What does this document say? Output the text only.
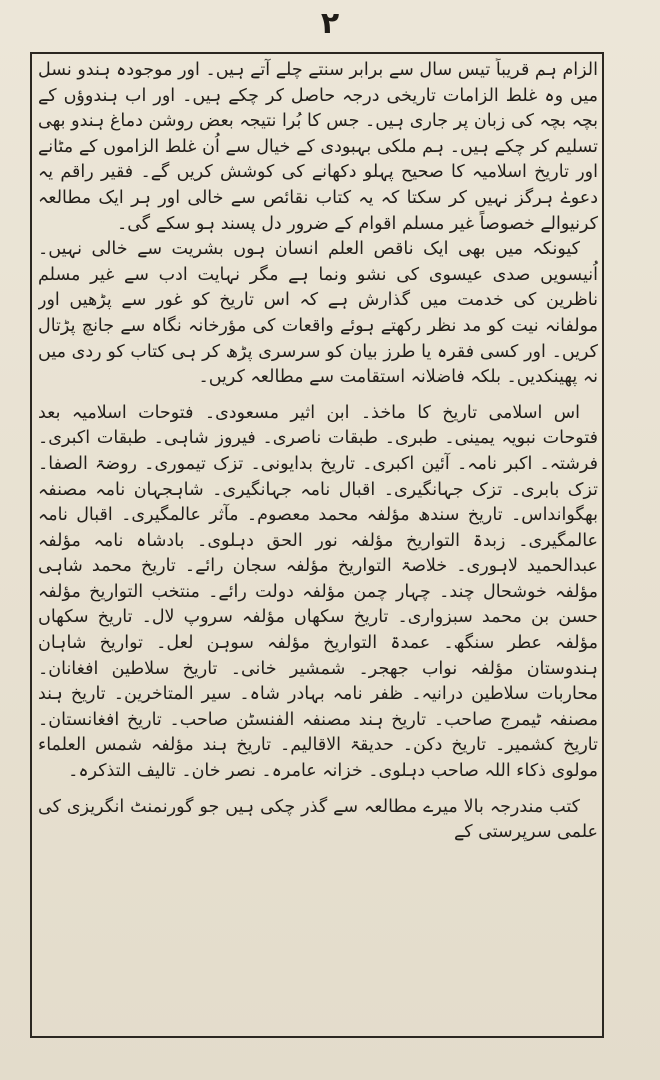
۲

الزام ہم قریباً تیس سال سے برابر سنتے چلے آتے ہیں۔ اور موجودہ ہندو نسل میں وہ غلط الزامات تاریخی درجہ حاصل کر چکے ہیں۔ اور اب ہندوؤں کے بچہ بچہ کی زبان پر جاری ہیں۔ جس کا بُرا نتیجہ بعض روشن دماغ ہندو بھی تسلیم کر چکے ہیں۔ ہم ملکی بہبودی کے خیال سے اُن غلط الزاموں کے مٹانے اور تاریخ اسلامیہ کا صحیح پہلو دکھانے کی کوشش کریں گے۔ فقیر راقم یہ دعوےٰ ہرگز نہیں کر سکتا کہ یہ کتاب نقائص سے خالی اور ہر ایک مطالعہ کرنیوالے خصوصاً غیر مسلم اقوام کے ضرور دل پسند ہو سکے گی۔

کیونکہ میں بھی ایک ناقص العلم انسان ہوں بشریت سے خالی نہیں۔ اُنیسویں صدی عیسوی کی نشو ونما ہے مگر نہایت ادب سے غیر مسلم ناظرین کی خدمت میں گذارش ہے کہ اس تاریخ کو غور سے پڑھیں اور مولفانہ نیت کو مد نظر رکھتے ہوئے واقعات کی مؤرخانہ نگاہ سے جانچ پڑتال کریں۔ اور کسی فقرہ یا طرز بیان کو سرسری پڑھ کر ہی کتاب کو ردی میں نہ پھینکدیں۔ بلکہ فاضلانہ استقامت سے مطالعہ کریں۔

اس اسلامی تاریخ کا ماخذ۔ ابن اثیر مسعودی۔ فتوحات اسلامیہ بعد فتوحات نبویہ یمینی۔ طبری۔ طبقات ناصری۔ فیروز شاہی۔ طبقات اکبری۔ فرشتہ۔ اکبر نامہ۔ آئین اکبری۔ تاریخ بدایونی۔ تزک تیموری۔ روضۃ الصفا۔ تزک بابری۔ تزک جہانگیری۔ اقبال نامہ جہانگیری۔ شاہجہان نامہ مصنفہ بھگوانداس۔ تاریخ سندھ مؤلفہ محمد معصوم۔ مآثر عالمگیری۔ اقبال نامہ عالمگیری۔ زبدۃ التواریخ مؤلفہ نور الحق دہلوی۔ بادشاہ نامہ مؤلفہ عبدالحمید لاہوری۔ خلاصۃ التواریخ مؤلفہ سجان رائے۔ تاریخ محمد شاہی مؤلفہ خوشحال چند۔ چہار چمن مؤلفہ دولت رائے۔ منتخب التواریخ مؤلفہ حسن بن محمد سبزواری۔ تاریخ سکھاں مؤلفہ سروپ لال۔ تاریخ سکھاں مؤلفہ عطر سنگھ۔ عمدۃ التواریخ مؤلفہ سوہن لعل۔ تواریخ شاہان ہندوستان مؤلفہ نواب جھجر۔ شمشیر خانی۔ تاریخ سلاطین افغانان۔ محاربات سلاطین درانیہ۔ ظفر نامہ بہادر شاہ۔ سیر المتاخرین۔ تاریخ ہند مصنفہ ٹیمرج صاحب۔ تاریخ ہند مصنفہ الفنسٹن صاحب۔ تاریخ افغانستان۔ تاریخ کشمیر۔ تاریخ دکن۔ حدیقۃ الاقالیم۔ تاریخ ہند مؤلفہ شمس العلماء مولوی ذکاء اللہ صاحب دہلوی۔ خزانہ عامرہ۔ نصر خان۔ تالیف التذکرہ۔

کتب مندرجہ بالا میرے مطالعہ سے گذر چکی ہیں جو گورنمنٹ انگریزی کی علمی سرپرستی کے
